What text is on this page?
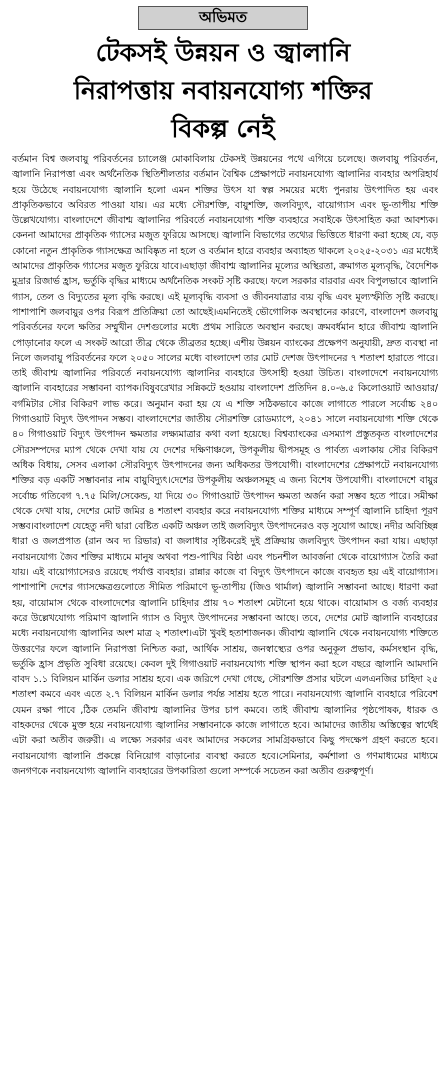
অভিমত
টেকসই উন্নয়ন ও জ্বালানি
নিরাপত্তায় নবায়নযোগ্য শক্তির
বিকল্প নেই
বর্তমান বিশ্ব জলবায়ু পরিবর্তনের চ্যালেঞ্জ মোকাবিলায় টেকসই উন্নয়নের পথে এগিয়ে চলেছে। জলবায়ু পরিবর্তন, জ্বালানি নিরাপত্তা এবং অর্থনৈতিক স্থিতিশীলতার বর্তমান বৈশ্বিক প্রেক্ষাপটে নবায়নযোগ্য জ্বালানির ব্যবহার অপরিহার্য হয়ে উঠেছে নবায়নযোগ্য জ্বালানি হলো এমন শক্তির উৎস যা স্বল্প সময়ের মধ্যে পুনরায় উৎপাদিত হয় এবং প্রাকৃতিকভাবে অবিরত পাওয়া যায়। এর মধ্যে সৌরশক্তি, বায়ুশক্তি, জলবিদ্যুৎ, বায়োগ্যাস এবং ভূ-তাপীয় শক্তি উল্লেখযোগ্য। বাংলাদেশে জীবাশ্ম জ্বালানির পরিবর্তে নবায়নযোগ্য শক্তি ব্যবহারে সবাইকে উৎসাহিত করা আবশ্যক। কেননা আমাদের প্রাকৃতিক গ্যাসের মজুত ফুরিয়ে আসছে। জ্বালানি বিভাগের তথ্যের ভিত্তিতে ধারণা করা হচ্ছে যে, বড় কোনো নতুন প্রাকৃতিক গ্যাসক্ষেত্র আবিষ্কৃত না হলে ও বর্তমান হারে ব্যবহার অব্যাহত থাকলে ২০২৫-২০৩১ এর মধ্যেই আমাদের প্রাকৃতিক গ্যাসের মজুত ফুরিয়ে যাবে।এছাড়া জীবাশ্ম জ্বালানির মূল্যের অস্থিরতা, ক্রমাগত মূল্যবৃদ্ধি, বৈদেশিক মুদ্রার রিজার্ভ হ্রাস, ভর্তুকি বৃদ্ধির মাধ্যমে অর্থনৈতিক সংকট সৃষ্টি করছে। ফলে সরকার বারবার এবং বিপুলভাবে জ্বালানি গ্যাস, তেল ও বিদ্যুতের মূল্য বৃদ্ধি করছে। এই মূল্যবৃদ্ধি ব্যবসা ও জীবনযাত্রার ব্যয় বৃদ্ধি এবং মূল্যস্ফীতি সৃষ্টি করছে। পাশাপাশি জলবায়ুর ওপর বিরূপ প্রতিক্রিয়া তো আছেই।এমনিতেই ভৌগোলিক অবস্থানের কারণে, বাংলাদেশ জলবায়ু পরিবর্তনের ফলে ক্ষতির সম্মুখীন দেশগুলোর মধ্যে প্রথম সারিতে অবস্থান করছে। ক্রমবর্ধমান হারে জীবাশ্ম জ্বালানি পোড়ানোর ফলে এ সংকট আরো তীব্র থেকে তীব্রতর হচ্ছে। এশীয় উন্নয়ন ব্যাংকের প্রক্ষেপণ অনুযায়ী, দ্রুত ব্যবস্থা না নিলে জলবায়ু পরিবর্তনের ফলে ২০৫০ সালের মধ্যে বাংলাদেশ তার মোট দেশজ উৎপাদনের ৭ শতাংশ হারাতে পারে। তাই জীবাশ্ম জ্বালানির পরিবর্তে নবায়নযোগ্য জ্বালানির ব্যবহারে উৎসাহী হওয়া উচিত। বাংলাদেশে নবায়নযোগ্য জ্বালানি ব্যবহারের সম্ভাবনা ব্যাপক।বিষুবরেখার সন্নিকটে হওয়ায় বাংলাদেশ প্রতিদিন ৪.০-৬.৫ কিলোওয়াট আওয়ার/বর্গমিটার সৌর বিকিরণ লাভ করে। অনুমান করা হয় যে এ শক্তি সঠিকভাবে কাজে লাগাতে পারলে সর্বোচ্চ ২৪০ গিগাওয়াট বিদ্যুৎ উৎপাদন সম্ভব। বাংলাদেশের জাতীয় সৌরশক্তি রোডম্যাপে, ২০৪১ সালে নবায়নযোগ্য শক্তি থেকে ৪০ গিগাওয়াট বিদ্যুৎ উৎপাদন ক্ষমতার লক্ষ্যমাত্রার কথা বলা হয়েছে। বিশ্বব্যাংকের এসম্যাপ প্রস্তুতকৃত বাংলাদেশের সৌরসম্পদের ম্যাপ থেকে দেখা যায় যে দেশের দক্ষিণাঞ্চলে, উপকূলীয় দ্বীপসমূহ ও পার্বত্য এলাকায় সৌর বিকিরণ অধিক বিধায়, সেসব এলাকা সৌরবিদ্যুৎ উৎপাদনের জন্য অধিকতর উপযোগী। বাংলাদেশের প্রেক্ষাপটে নবায়নযোগ্য শক্তির বড় একটি সম্ভাবনার নাম বায়ুবিদ্যুৎ।দেশের উপকূলীয় অঞ্চলসমূহ এ জন্য বিশেষ উপযোগী। বাংলাদেশে বায়ুর সর্বোচ্চ গতিবেগ ৭.৭৫ মিলি/সেকেন্ড, যা দিয়ে ৩০ গিগাওয়াট উৎপাদন ক্ষমতা অর্জন করা সম্ভব হতে পারে। সমীক্ষা থেকে দেখা যায়, দেশের মোট জমির ৪ শতাংশ ব্যবহার করে নবায়নযোগ্য শক্তির মাধ্যমে সম্পূর্ণ জ্বালানি চাহিদা পূরণ সম্ভব।বাংলাদেশ যেহেতু নদী দ্বারা বেষ্টিত একটি অঞ্চল তাই জলবিদ্যুৎ উৎপাদনেরও বড় সুযোগ আছে। নদীর অবিচ্ছিন্ন ধারা ও জলপ্রপাত (রান অব দ্য রিভার) বা জলাধার সৃষ্টিকরেই দুই প্রক্রিয়ায় জলবিদ্যুৎ উৎপাদন করা যায়। এছাড়া নবায়নযোগ্য জৈব শক্তির মাধ্যমে মানুষ অথবা পশু-পাখির বিষ্ঠা এবং পচনশীল আবর্জনা থেকে বায়োগ্যাস তৈরি করা যায়। এই বায়োগ্যাসেরও রয়েছে পর্যাপ্ত ব্যবহার। রান্নার কাজে বা বিদ্যুৎ উৎপাদনে কাজে ব্যবহৃত হয় এই বায়োগ্যাস। পাশাপাশি দেশের গ্যাসক্ষেত্রগুলোতে সীমিত পরিমাণে ভূ-তাপীয় (জিও থার্মাল) জ্বালানি সম্ভাবনা আছে। ধারণা করা হয়, বায়োমাস থেকে বাংলাদেশের জ্বালানি চাহিদার প্রায় ৭০ শতাংশ মেটানো হয়ে থাকে। বায়োমাস ও বর্জ্য ব্যবহার করে উল্লেখযোগ্য পরিমাণ জ্বালানি গ্যাস ও বিদ্যুৎ উৎপাদনের সম্ভাবনা আছে। তবে, দেশের মোট জ্বালানি ব্যবহারের মধ্যে নবায়নযোগ্য জ্বালানির অংশ মাত্র ২ শতাংশ।এটা খুবই হতাশাজনক। জীবাশ্ম জ্বালানি থেকে নবায়নযোগ্য শক্তিতে উত্তরণের ফলে জ্বালানি নিরাপত্তা নিশ্চিত করা, আর্থিক সাশ্রয়, জনস্বাস্থ্যের ওপর অনুকূল প্রভাব, কর্মসংস্থান বৃদ্ধি, ভর্তুকি হ্রাস প্রভৃতি সুবিধা রয়েছে। কেবল দুই গিগাওয়াট নবায়নযোগ্য শক্তি স্থাপন করা হলে বছরে জ্বালানি আমদানি বাবদ ১.১ বিলিয়ন মার্কিন ডলার সাশ্রয় হবে। এক জরিপে দেখা গেছে, সৌরশক্তি প্রসার ঘটলে এলএনজির চাহিদা ২৫ শতাংশ কমবে এবং এতে ২.৭ বিলিয়ন মার্কিন ডলার পর্যন্ত সাশ্রয় হতে পারে। নবায়নযোগ্য জ্বালানি ব্যবহারে পরিবেশ যেমন রক্ষা পাবে ,ঠিক তেমনি জীবাশ্ম জ্বালানির উপর চাপ কমবে। তাই জীবাশ্ম জ্বালানির পৃষ্ঠপোষক, ধারক ও বাহকদের থেকে মুক্ত হয়ে নবায়নযোগ্য জ্বালানির সম্ভাবনাকে কাজে লাগাতে হবে। আমাদের জাতীয় অস্তিত্বের স্বার্থেই এটা করা অতীব জরুরী। এ লক্ষ্যে সরকার এবং আমাদের সকলের সামগ্রিকভাবে কিছু পদক্ষেপ গ্রহণ করতে হবে।নবায়নযোগ্য জ্বালানি প্রকল্পে বিনিয়োগ বাড়ানোর ব্যবস্থা করতে হবে।সেমিনার, কর্মশালা ও গণমাধ্যমের মাধ্যমে জনগণকে নবায়নযোগ্য জ্বালানি ব্যবহারের উপকারিতা গুলো সম্পর্কে সচেতন করা অতীব গুরুত্বপূর্ণ।
